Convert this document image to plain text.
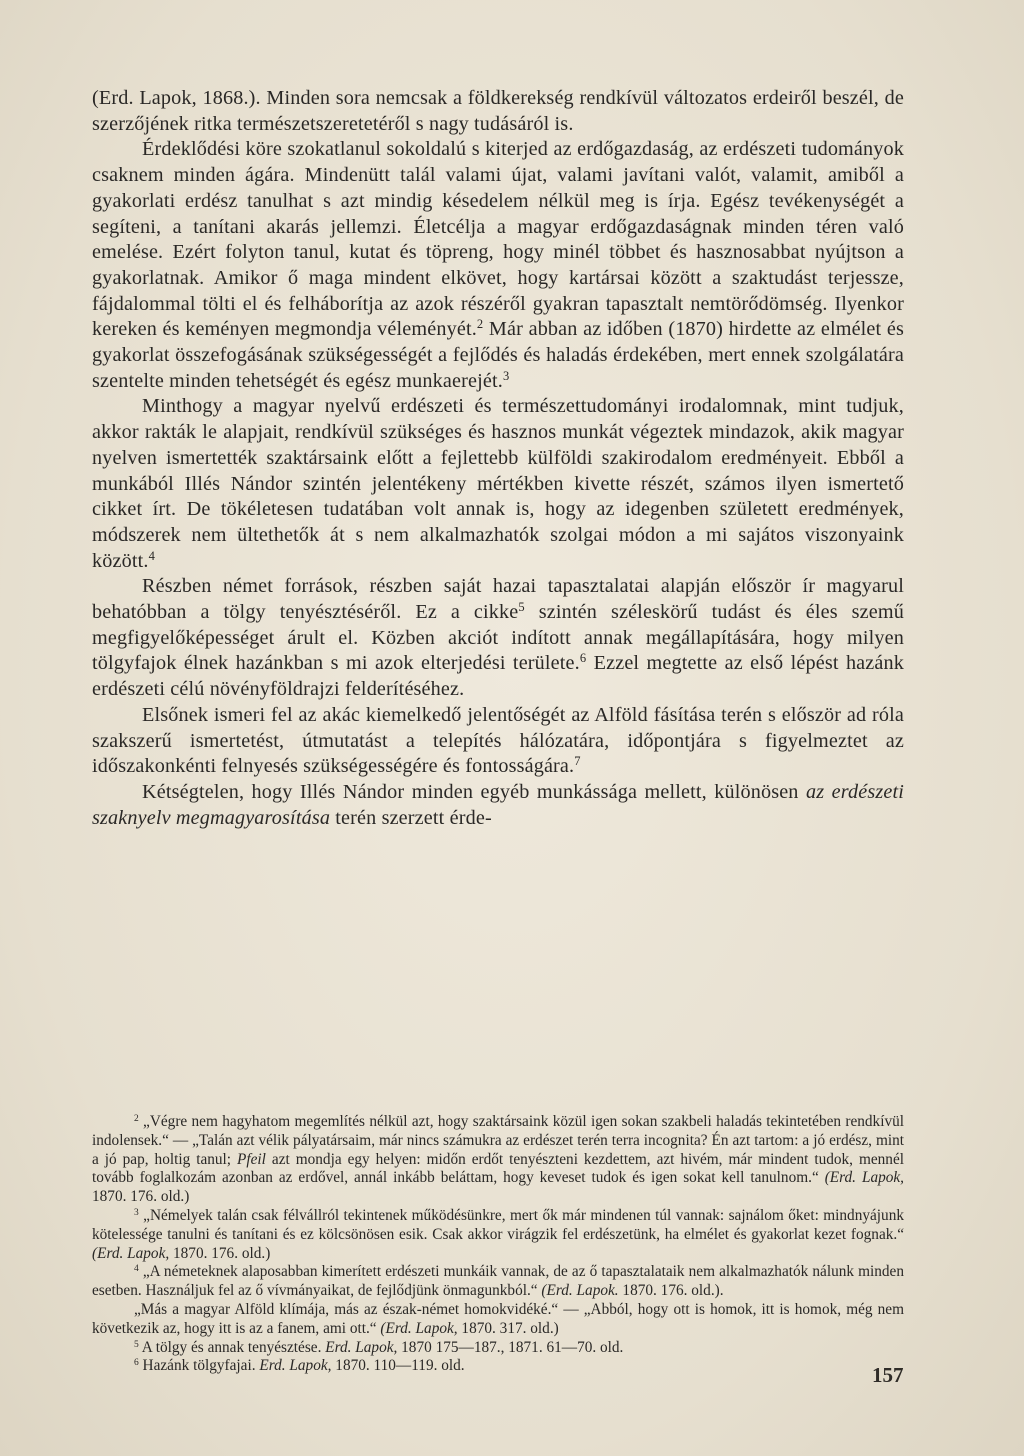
(Erd. Lapok, 1868.). Minden sora nemcsak a földkerekség rendkívül változatos erdeiről beszél, de szerzőjének ritka természetszeretetéről s nagy tudásáról is.

Érdeklődési köre szokatlanul sokoldalú s kiterjed az erdőgazdaság, az erdészeti tudományok csaknem minden ágára. Mindenütt talál valami újat, valami javítani valót, valamit, amiből a gyakorlati erdész tanulhat s azt mindig késedelem nélkül meg is írja. Egész tevékenységét a segíteni, a tanítani akarás jellemzi. Életcélja a magyar erdőgazdaságnak minden téren való emelése. Ezért folyton tanul, kutat és töpreng, hogy minél többet és hasznosabbat nyújtson a gyakorlatnak. Amikor ő maga mindent elkövet, hogy kartársai között a szaktudást terjessze, fájdalommal tölti el és felháborítja az azok részéről gyakran tapasztalt nemtörődömség. Ilyenkor kereken és keményen megmondja véleményét.$^2$ Már abban az időben (1870) hirdette az elmélet és gyakorlat összefogásának szükségességét a fejlődés és haladás érdekében, mert ennek szolgálatára szentelte minden tehetségét és egész munkaerejét.$^3$

Minthogy a magyar nyelvű erdészeti és természettudományi irodalomnak, mint tudjuk, akkor rakták le alapjait, rendkívül szükséges és hasznos munkát végeztek mindazok, akik magyar nyelven ismertették szaktársaink előtt a fejlettebb külföldi szakirodalom eredményeit. Ebből a munkából Illés Nándor szintén jelentékeny mértékben kivette részét, számos ilyen ismertető cikket írt. De tökéletesen tudatában volt annak is, hogy az idegenben született eredmények, módszerek nem ültethetők át s nem alkalmazhatók szolgai módon a mi sajátos viszonyaink között.$^4$

Részben német források, részben saját hazai tapasztalatai alapján először ír magyarul behatóbban a tölgy tenyésztéséről. Ez a cikke$^5$ szintén széleskörű tudást és éles szemű megfigyelőképességet árult el. Közben akciót indított annak megállapítására, hogy milyen tölgyfajok élnek hazánkban s mi azok elterjedési területe.$^6$ Ezzel megtette az első lépést hazánk erdészeti célú növényföldrajzi felderítéséhez.

Elsőnek ismeri fel az akác kiemelkedő jelentőségét az Alföld fásítása terén s először ad róla szakszerű ismertetést, útmutatást a telepítés hálózatára, időpontjára s figyelmeztet az időszakonkénti felnyesés szükségességére és fontosságára.$^7$

Kétségtelen, hogy Illés Nándor minden egyéb munkássága mellett, különösen az erdészeti szaknyelv megmagyarosítása terén szerzett érde-

$^2$ „Végre nem hagyhatom megemlítés nélkül azt, hogy szaktársaink közül igen sokan szakbeli haladás tekintetében rendkívül indolensek.“ — „Talán azt vélik pályatársaim, már nincs számukra az erdészet terén terra incognita? Én azt tartom: a jó erdész, mint a jó pap, holtig tanul; Pfeil azt mondja egy helyen: midőn erdőt tenyészteni kezdettem, azt hivém, már mindent tudok, mennél tovább foglalkozám azonban az erdővel, annál inkább beláttam, hogy keveset tudok és igen sokat kell tanulnom.“ (Erd. Lapok, 1870. 176. old.)

$^3$ „Némelyek talán csak félvállról tekintenek működésünkre, mert ők már mindenen túl vannak: sajnálom őket: mindnyájunk kötelessége tanulni és tanítani és ez kölcsönösen esik. Csak akkor virágzik fel erdészetünk, ha elmélet és gyakorlat kezet fognak.“ (Erd. Lapok, 1870. 176. old.)

$^4$ „A németeknek alaposabban kimerített erdészeti munkáik vannak, de az ő tapasztalataik nem alkalmazhatók nálunk minden esetben. Használjuk fel az ő vívmányaikat, de fejlődjünk önmagunkból.“ (Erd. Lapok. 1870. 176. old.).

„Más a magyar Alföld klímája, más az észak-német homokvidéké.“ — „Abból, hogy ott is homok, itt is homok, még nem következik az, hogy itt is az a fanem, ami ott.“ (Erd. Lapok, 1870. 317. old.)

$^5$ A tölgy és annak tenyésztése. Erd. Lapok, 1870 175—187., 1871. 61—70. old.

$^6$ Hazánk tölgyfajai. Erd. Lapok, 1870. 110—119. old.	157
